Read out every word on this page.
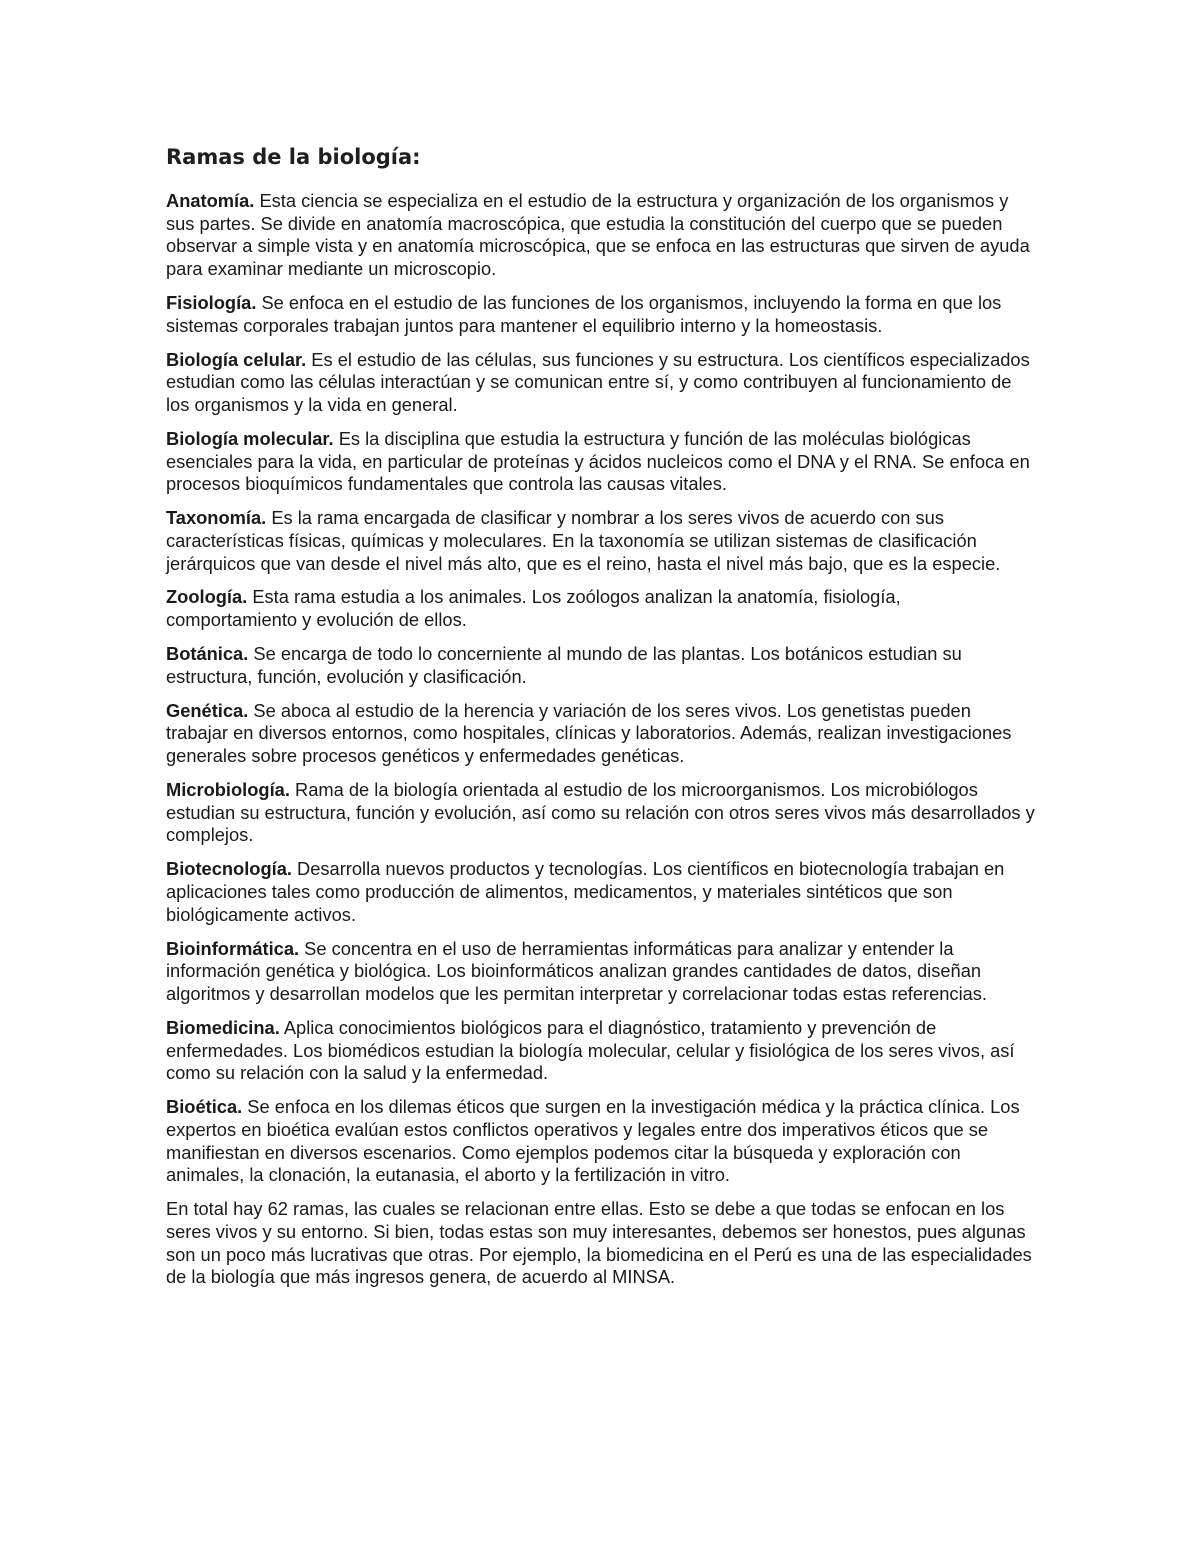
Ramas de la biología:

Anatomía. Esta ciencia se especializa en el estudio de la estructura y organización de los organismos y sus partes. Se divide en anatomía macroscópica, que estudia la constitución del cuerpo que se pueden observar a simple vista y en anatomía microscópica, que se enfoca en las estructuras que sirven de ayuda para examinar mediante un microscopio.

Fisiología. Se enfoca en el estudio de las funciones de los organismos, incluyendo la forma en que los sistemas corporales trabajan juntos para mantener el equilibrio interno y la homeostasis.

Biología celular. Es el estudio de las células, sus funciones y su estructura. Los científicos especializados estudian como las células interactúan y se comunican entre sí, y como contribuyen al funcionamiento de los organismos y la vida en general.

Biología molecular. Es la disciplina que estudia la estructura y función de las moléculas biológicas esenciales para la vida, en particular de proteínas y ácidos nucleicos como el DNA y el RNA. Se enfoca en procesos bioquímicos fundamentales que controla las causas vitales.

Taxonomía. Es la rama encargada de clasificar y nombrar a los seres vivos de acuerdo con sus características físicas, químicas y moleculares. En la taxonomía se utilizan sistemas de clasificación jerárquicos que van desde el nivel más alto, que es el reino, hasta el nivel más bajo, que es la especie.

Zoología. Esta rama estudia a los animales. Los zoólogos analizan la anatomía, fisiología, comportamiento y evolución de ellos.

Botánica. Se encarga de todo lo concerniente al mundo de las plantas. Los botánicos estudian su estructura, función, evolución y clasificación.

Genética. Se aboca al estudio de la herencia y variación de los seres vivos. Los genetistas pueden trabajar en diversos entornos, como hospitales, clínicas y laboratorios. Además, realizan investigaciones generales sobre procesos genéticos y enfermedades genéticas.

Microbiología. Rama de la biología orientada al estudio de los microorganismos. Los microbiólogos estudian su estructura, función y evolución, así como su relación con otros seres vivos más desarrollados y complejos.

Biotecnología. Desarrolla nuevos productos y tecnologías. Los científicos en biotecnología trabajan en aplicaciones tales como producción de alimentos, medicamentos, y materiales sintéticos que son biológicamente activos.

Bioinformática. Se concentra en el uso de herramientas informáticas para analizar y entender la información genética y biológica. Los bioinformáticos analizan grandes cantidades de datos, diseñan algoritmos y desarrollan modelos que les permitan interpretar y correlacionar todas estas referencias.

Biomedicina. Aplica conocimientos biológicos para el diagnóstico, tratamiento y prevención de enfermedades. Los biomédicos estudian la biología molecular, celular y fisiológica de los seres vivos, así como su relación con la salud y la enfermedad.

Bioética. Se enfoca en los dilemas éticos que surgen en la investigación médica y la práctica clínica. Los expertos en bioética evalúan estos conflictos operativos y legales entre dos imperativos éticos que se manifiestan en diversos escenarios. Como ejemplos podemos citar la búsqueda y exploración con animales, la clonación, la eutanasia, el aborto y la fertilización in vitro.

En total hay 62 ramas, las cuales se relacionan entre ellas. Esto se debe a que todas se enfocan en los seres vivos y su entorno. Si bien, todas estas son muy interesantes, debemos ser honestos, pues algunas son un poco más lucrativas que otras. Por ejemplo, la biomedicina en el Perú es una de las especialidades de la biología que más ingresos genera, de acuerdo al MINSA.
